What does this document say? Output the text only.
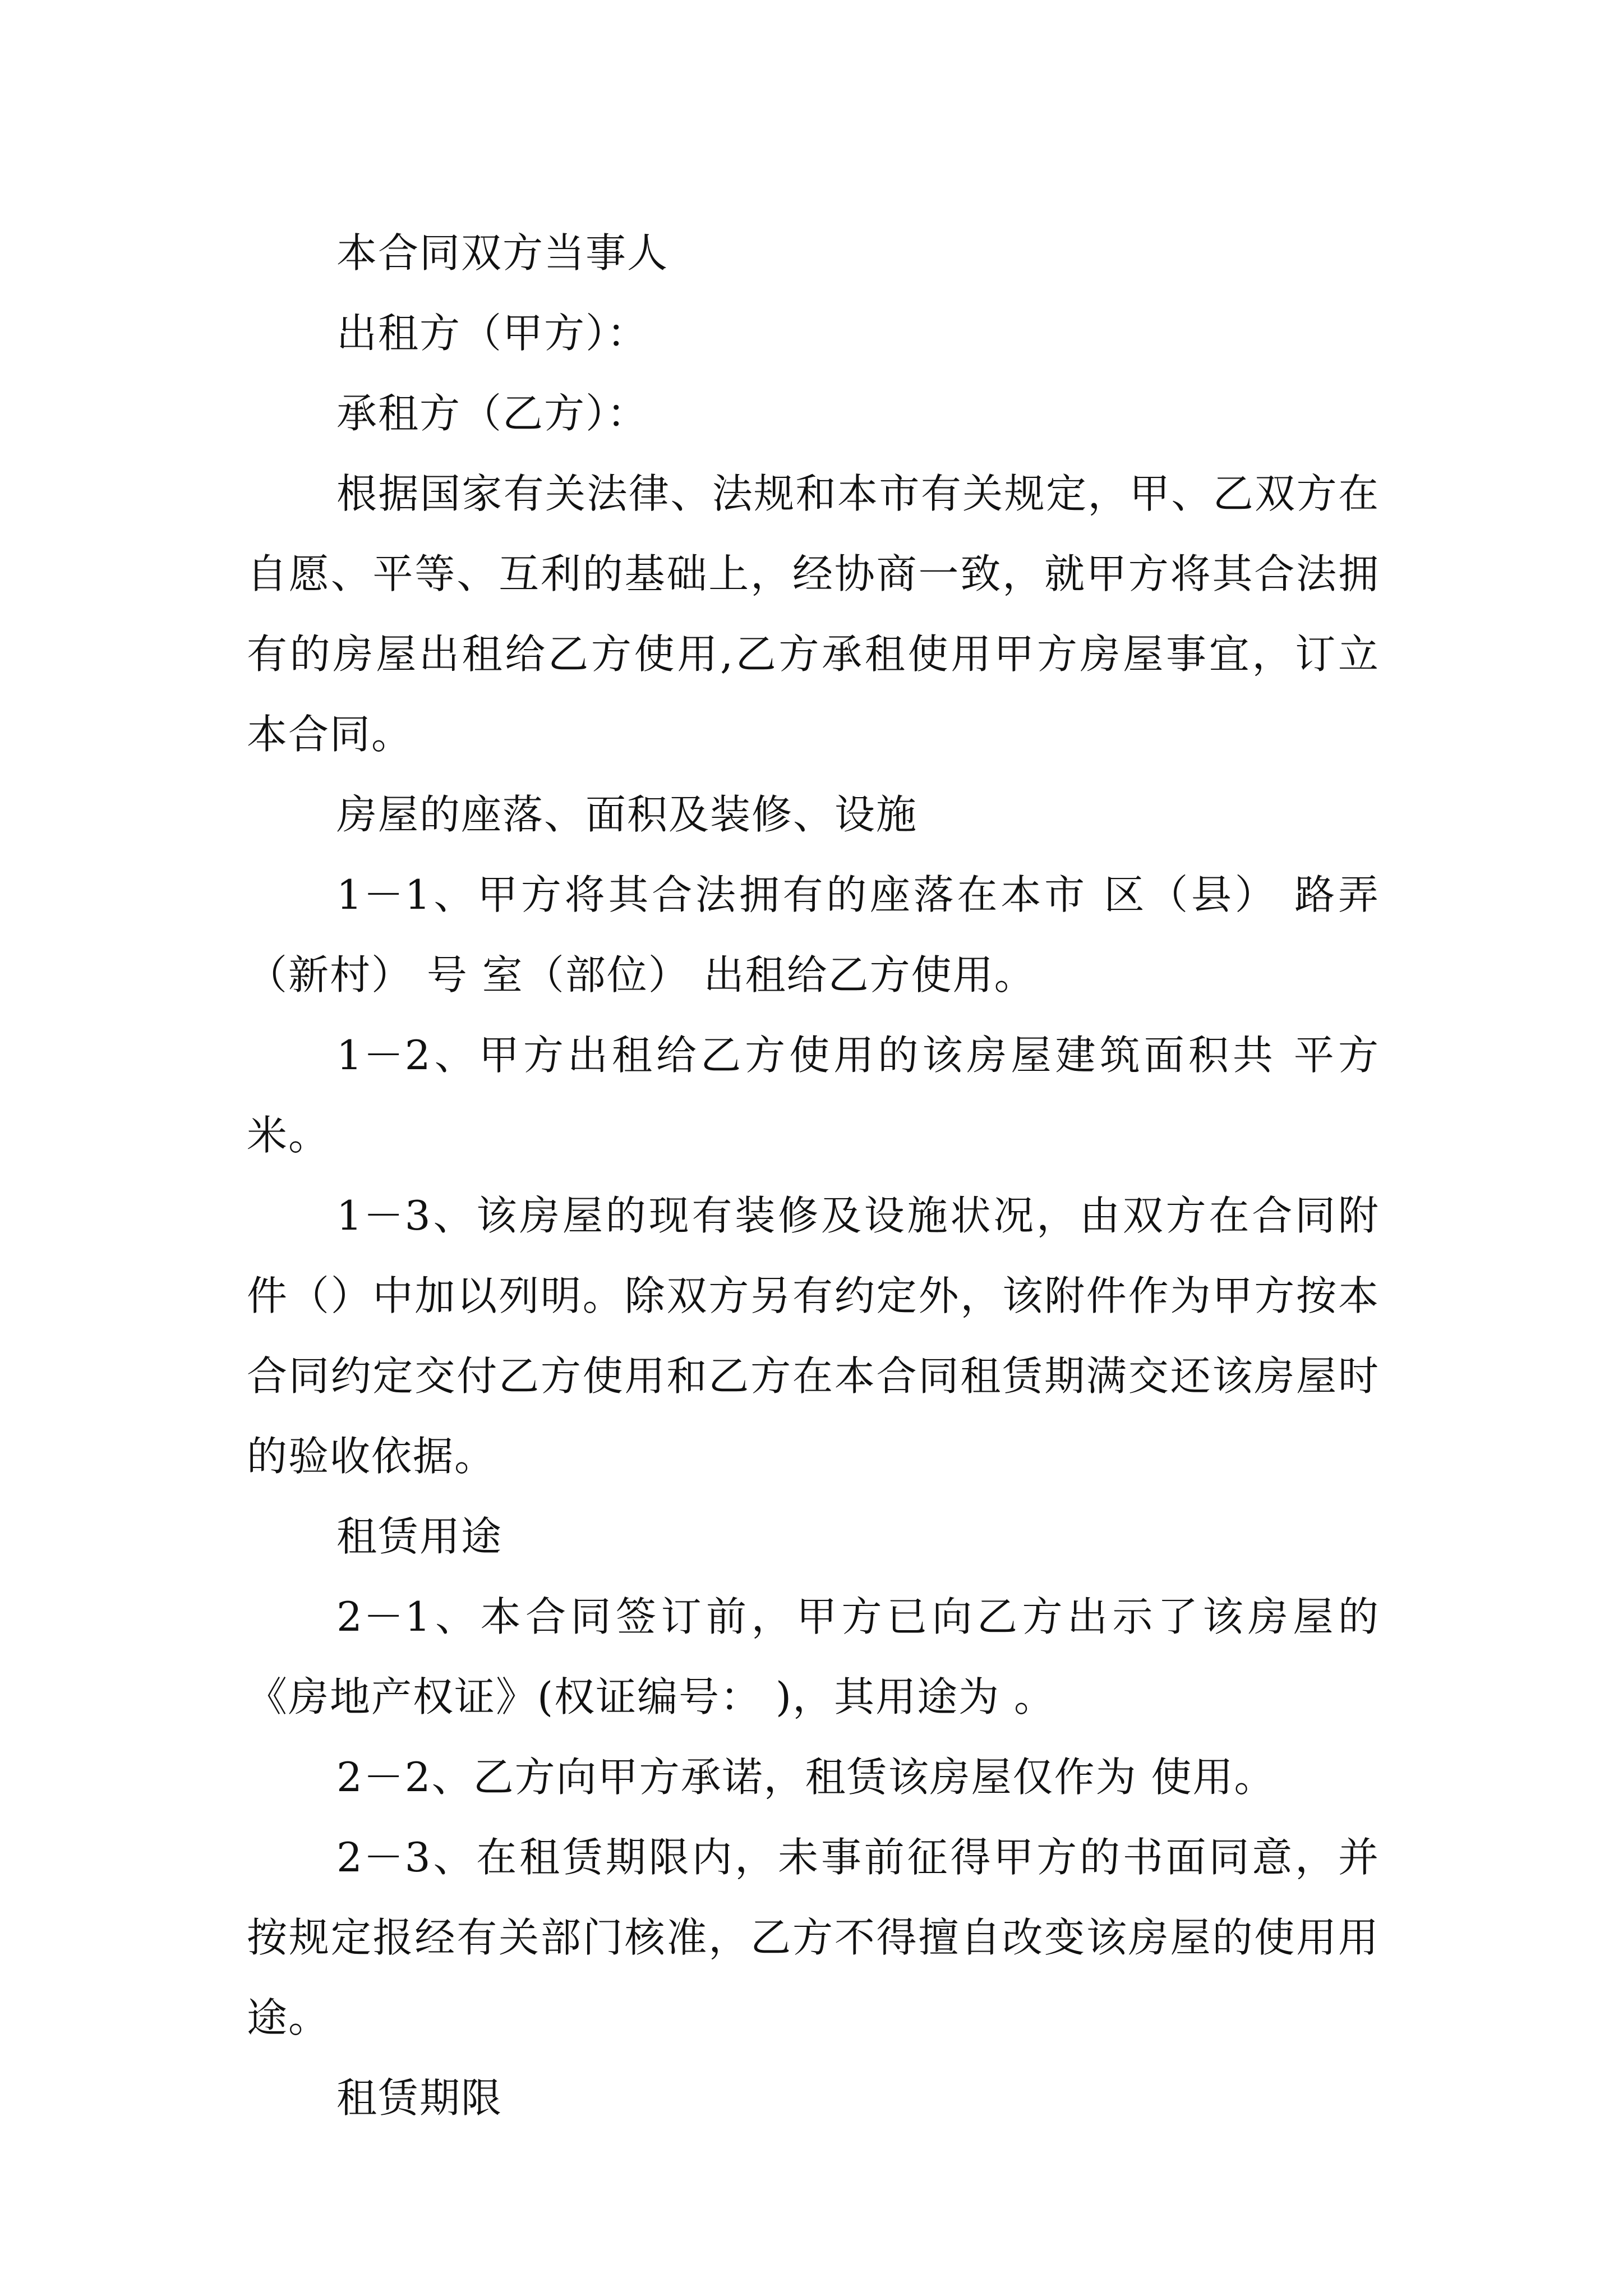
本合同双方当事人

出租方（甲方）：

承租方（乙方）：

根据国家有关法律、法规和本市有关规定，甲、乙双方在自愿、平等、互利的基础上，经协商一致，就甲方将其合法拥有的房屋出租给乙方使用,乙方承租使用甲方房屋事宜，订立本合同。

房屋的座落、面积及装修、设施

1－1、甲方将其合法拥有的座落在本市 区（县） 路弄（新村） 号 室（部位） 出租给乙方使用。

1－2、甲方出租给乙方使用的该房屋建筑面积共 平方米。

1－3、该房屋的现有装修及设施状况，由双方在合同附件（）中加以列明。除双方另有约定外，该附件作为甲方按本合同约定交付乙方使用和乙方在本合同租赁期满交还该房屋时的验收依据。

租赁用途

2－1、本合同签订前，甲方已向乙方出示了该房屋的《房地产权证》(权证编号： )，其用途为 。

2－2、乙方向甲方承诺，租赁该房屋仅作为 使用。

2－3、在租赁期限内，未事前征得甲方的书面同意，并按规定报经有关部门核准，乙方不得擅自改变该房屋的使用用途。

租赁期限
